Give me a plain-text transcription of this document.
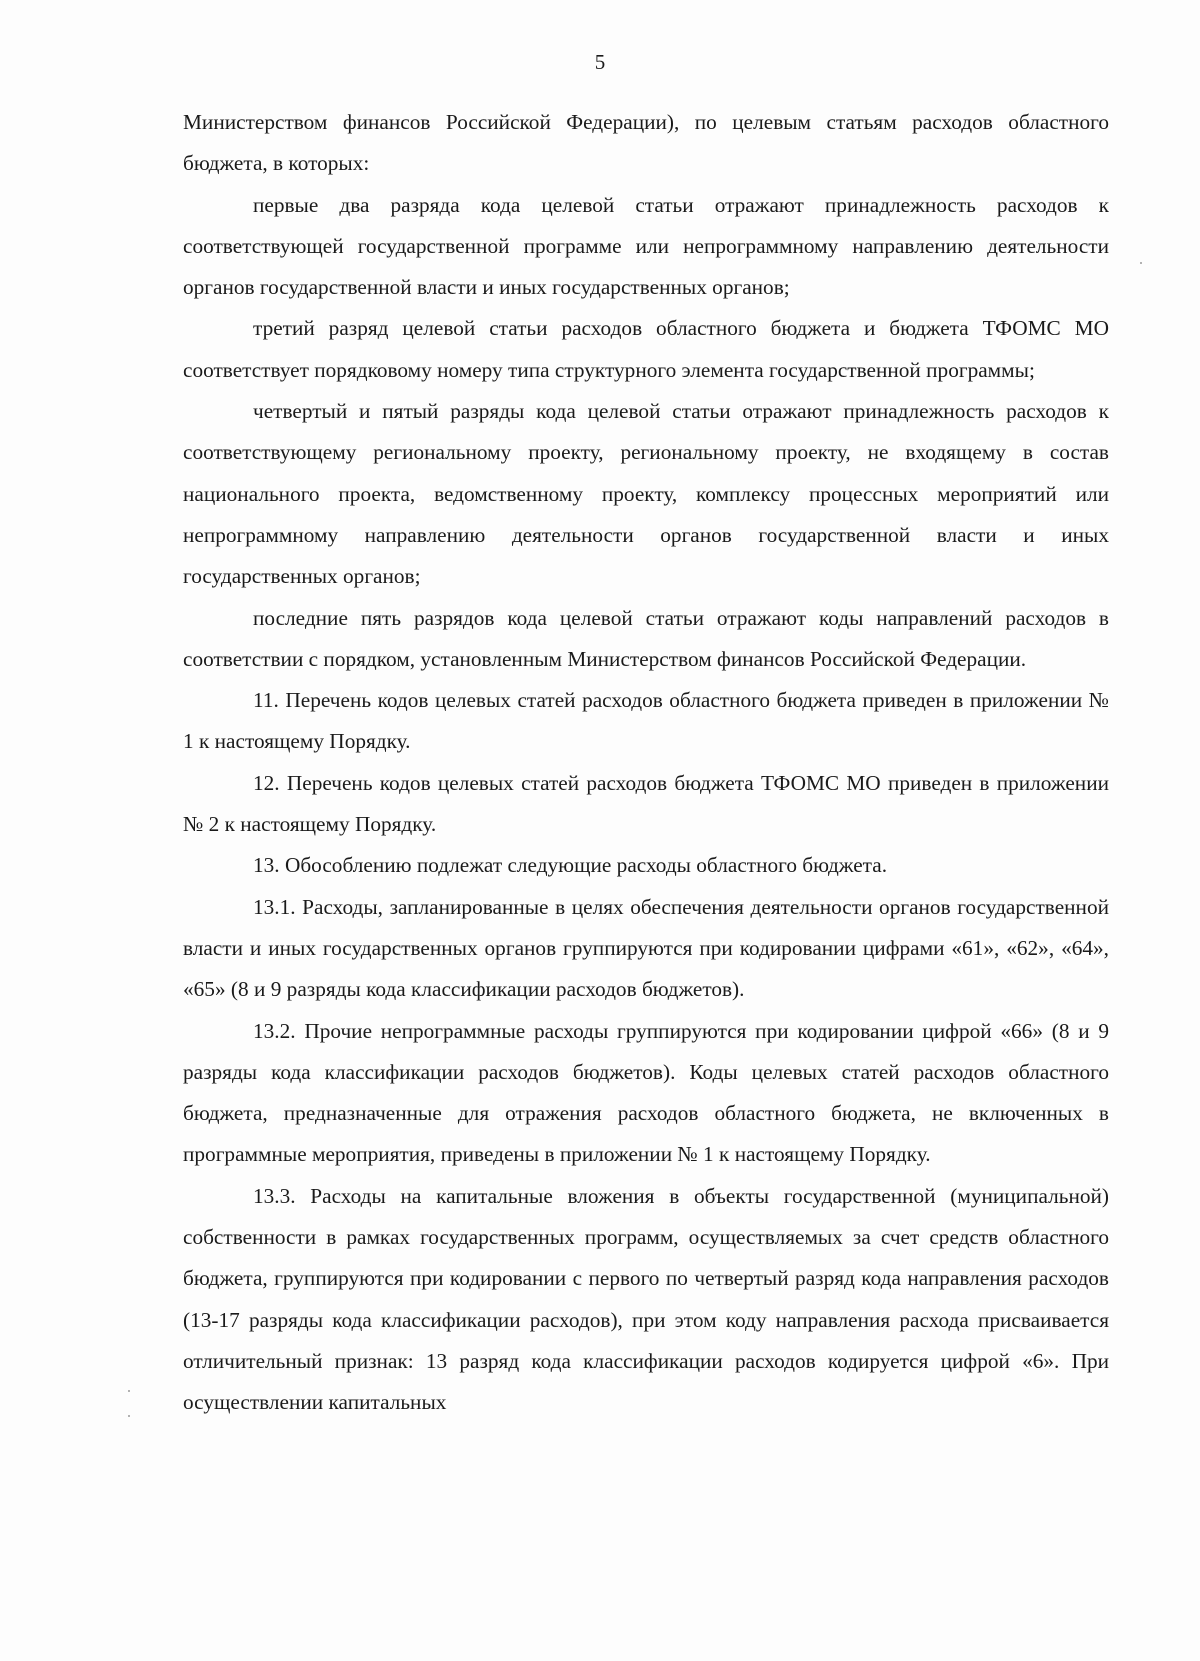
5

Министерством финансов Российской Федерации), по целевым статьям расходов областного бюджета, в которых:

первые два разряда кода целевой статьи отражают принадлежность расходов к соответствующей государственной программе или непрограммному направлению деятельности органов государственной власти и иных государственных органов;

третий разряд целевой статьи расходов областного бюджета и бюджета ТФОМС МО соответствует порядковому номеру типа структурного элемента государственной программы;

четвертый и пятый разряды кода целевой статьи отражают принадлежность расходов к соответствующему региональному проекту, региональному проекту, не входящему в состав национального проекта, ведомственному проекту, комплексу процессных мероприятий или непрограммному направлению деятельности органов государственной власти и иных государственных органов;

последние пять разрядов кода целевой статьи отражают коды направлений расходов в соответствии с порядком, установленным Министерством финансов Российской Федерации.

11. Перечень кодов целевых статей расходов областного бюджета приведен в приложении № 1 к настоящему Порядку.

12. Перечень кодов целевых статей расходов бюджета ТФОМС МО приведен в приложении № 2 к настоящему Порядку.

13. Обособлению подлежат следующие расходы областного бюджета.

13.1. Расходы, запланированные в целях обеспечения деятельности органов государственной власти и иных государственных органов группируются при кодировании цифрами «61», «62», «64», «65» (8 и 9 разряды кода классификации расходов бюджетов).

13.2. Прочие непрограммные расходы группируются при кодировании цифрой «66» (8 и 9 разряды кода классификации расходов бюджетов). Коды целевых статей расходов областного бюджета, предназначенные для отражения расходов областного бюджета, не включенных в программные мероприятия, приведены в приложении № 1 к настоящему Порядку.

13.3. Расходы на капитальные вложения в объекты государственной (муниципальной) собственности в рамках государственных программ, осуществляемых за счет средств областного бюджета, группируются при кодировании с первого по четвертый разряд кода направления расходов (13-17 разряды кода классификации расходов), при этом коду направления расхода присваивается отличительный признак: 13 разряд кода классификации расходов кодируется цифрой «6». При осуществлении капитальных
